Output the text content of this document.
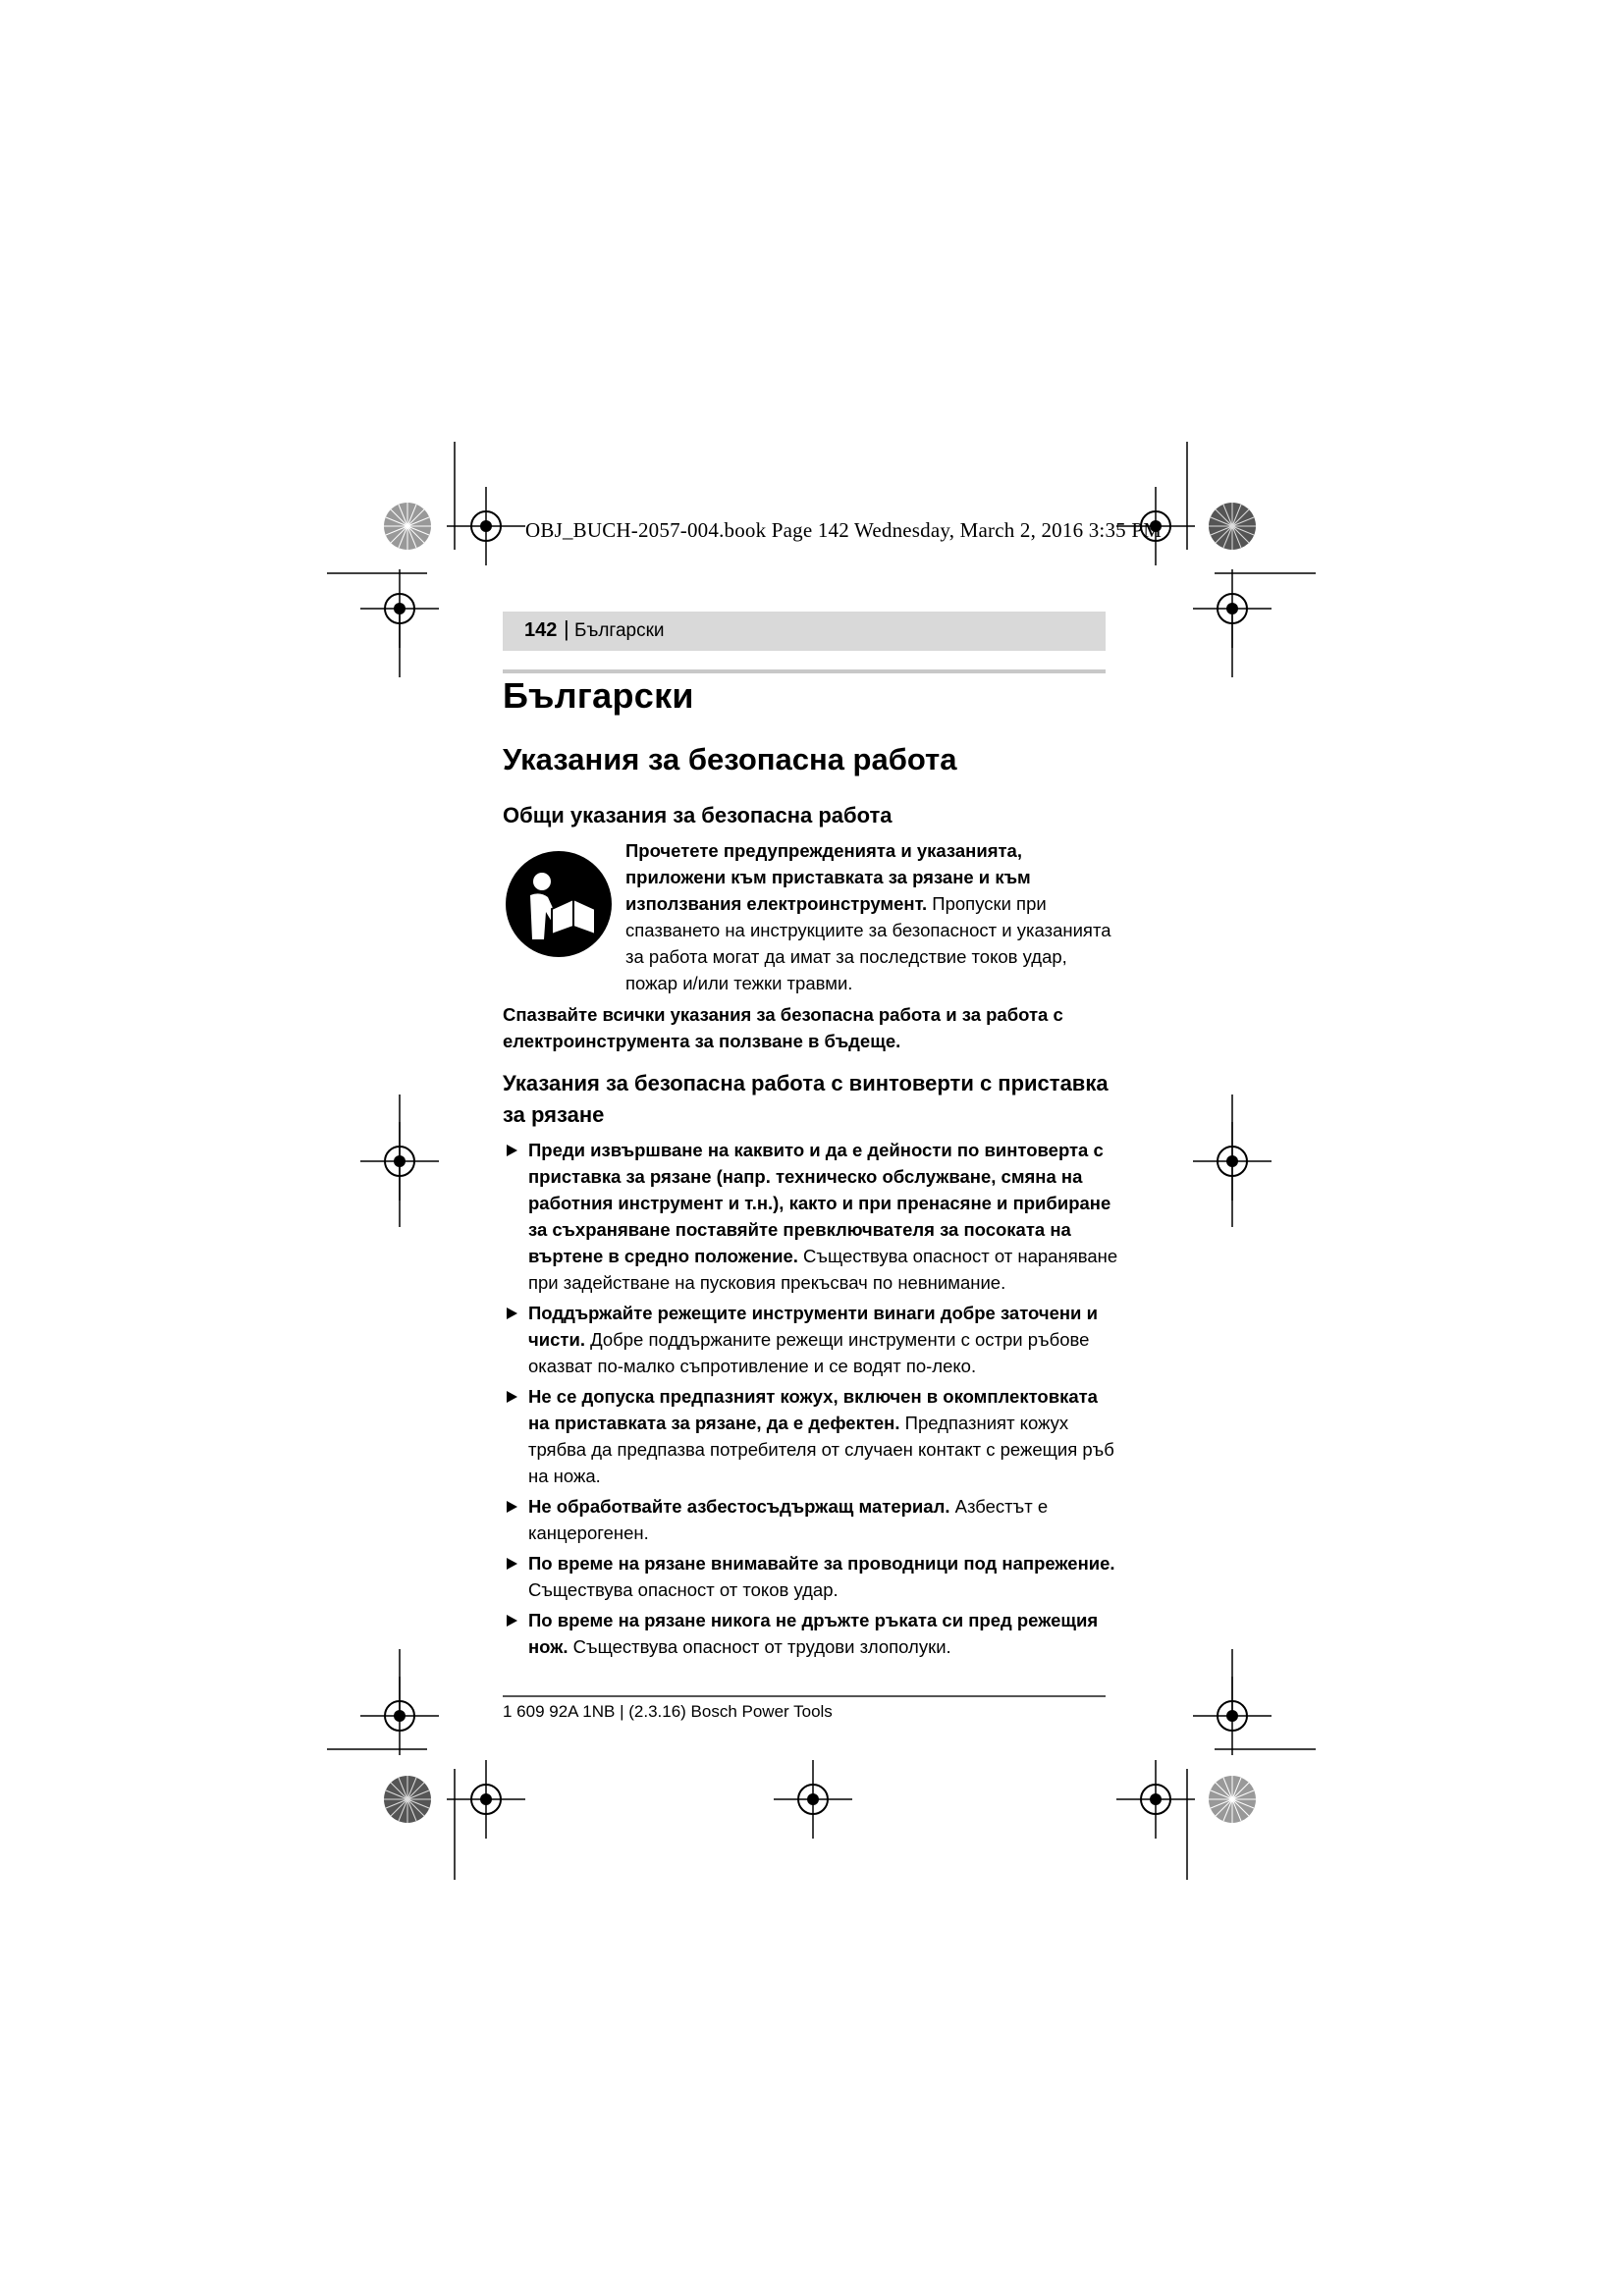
OBJ_BUCH-2057-004.book Page 142 Wednesday, March 2, 2016 3:35 PM
142 | Български
Български
Указания за безопасна работа
Общи указания за безопасна работа
Прочетете предупрежденията и указанията, приложени към приставката за рязане и към използвания електроинструмент. Пропуски при спазването на инструкциите за безопасност и указанията за работа могат да имат за последствие токов удар, пожар и/или тежки травми.
Спазвайте всички указания за безопасна работа и за работа с електроинструмента за ползване в бъдеще.
Указания за безопасна работа с винтоверти с приставка за рязане
Преди извършване на каквито и да е дейности по винтоверта с приставка за рязане (напр. техническо обслужване, смяна на работния инструмент и т.н.), както и при пренасяне и прибиране за съхраняване поставяйте превключвателя за посоката на въртене в средно положение. Съществува опасност от нараняване при задействане на пусковия прекъсвач по невнимание.
Поддържайте режещите инструменти винаги добре заточени и чисти. Добре поддържаните режещи инструменти с остри ръбове оказват по-малко съпротивление и се водят по-леко.
Не се допуска предпазният кожух, включен в окомплектовката на приставката за рязане, да е дефектен. Предпазният кожух трябва да предпазва потребителя от случаен контакт с режещия ръб на ножа.
Не обработвайте азбестосъдържащ материал. Азбестът е канцерогенен.
По време на рязане внимавайте за проводници под напрежение. Съществува опасност от токов удар.
По време на рязане никога не дръжте ръката си пред режещия нож. Съществува опасност от трудови злополуки.
1 609 92A 1NB | (2.3.16) Bosch Power Tools
